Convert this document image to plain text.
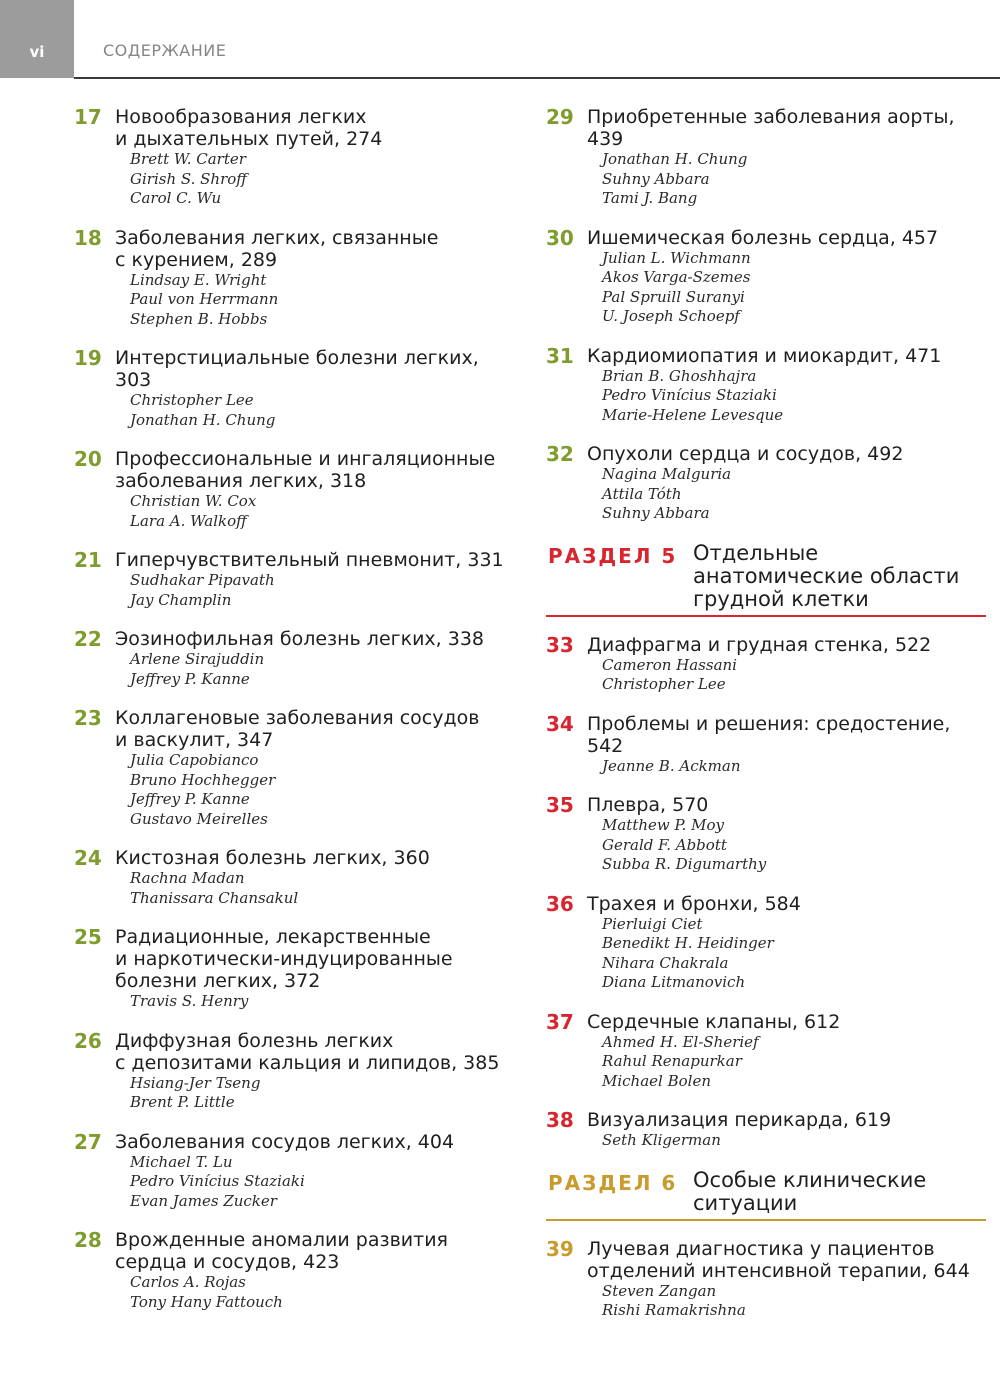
vi	СОДЕРЖАНИЕ
17 Новообразования легких
и дыхательных путей, 274
Brett W. Carter
Girish S. Shroff
Carol C. Wu
18 Заболевания легких, связанные
с курением, 289
Lindsay E. Wright
Paul von Herrmann
Stephen B. Hobbs
19 Интерстициальные болезни легких, 303
Christopher Lee
Jonathan H. Chung
20 Профессиональные и ингаляционные
заболевания легких, 318
Christian W. Cox
Lara A. Walkoff
21 Гиперчувствительный пневмонит, 331
Sudhakar Pipavath
Jay Champlin
22 Эозинофильная болезнь легких, 338
Arlene Sirajuddin
Jeffrey P. Kanne
23 Коллагеновые заболевания сосудов
и васкулит, 347
Julia Capobianco
Bruno Hochhegger
Jeffrey P. Kanne
Gustavo Meirelles
24 Кистозная болезнь легких, 360
Rachna Madan
Thanissara Chansakul
25 Радиационные, лекарственные
и наркотически-индуцированные
болезни легких, 372
Travis S. Henry
26 Диффузная болезнь легких
с депозитами кальция и липидов, 385
Hsiang-Jer Tseng
Brent P. Little
27 Заболевания сосудов легких, 404
Michael T. Lu
Pedro Vinícius Staziaki
Evan James Zucker
28 Врожденные аномалии развития
сердца и сосудов, 423
Carlos A. Rojas
Tony Hany Fattouch
29 Приобретенные заболевания аорты, 439
Jonathan H. Chung
Suhny Abbara
Tami J. Bang
30 Ишемическая болезнь сердца, 457
Julian L. Wichmann
Akos Varga-Szemes
Pal Spruill Suranyi
U. Joseph Schoepf
31 Кардиомиопатия и миокардит, 471
Brian B. Ghoshhajra
Pedro Vinícius Staziaki
Marie-Helene Levesque
32 Опухоли сердца и сосудов, 492
Nagina Malguria
Attila Tóth
Suhny Abbara
РАЗДЕЛ 5 Отдельные
анатомические области
грудной клетки
33 Диафрагма и грудная стенка, 522
Cameron Hassani
Christopher Lee
34 Проблемы и решения: средостение,
542
Jeanne B. Ackman
35 Плевра, 570
Matthew P. Moy
Gerald F. Abbott
Subba R. Digumarthy
36 Трахея и бронхи, 584
Pierluigi Ciet
Benedikt H. Heidinger
Nihara Chakrala
Diana Litmanovich
37 Сердечные клапаны, 612
Ahmed H. El-Sherief
Rahul Renapurkar
Michael Bolen
38 Визуализация перикарда, 619
Seth Kligerman
РАЗДЕЛ 6 Особые клинические
ситуации
39 Лучевая диагностика у пациентов
отделений интенсивной терапии, 644
Steven Zangan
Rishi Ramakrishna
